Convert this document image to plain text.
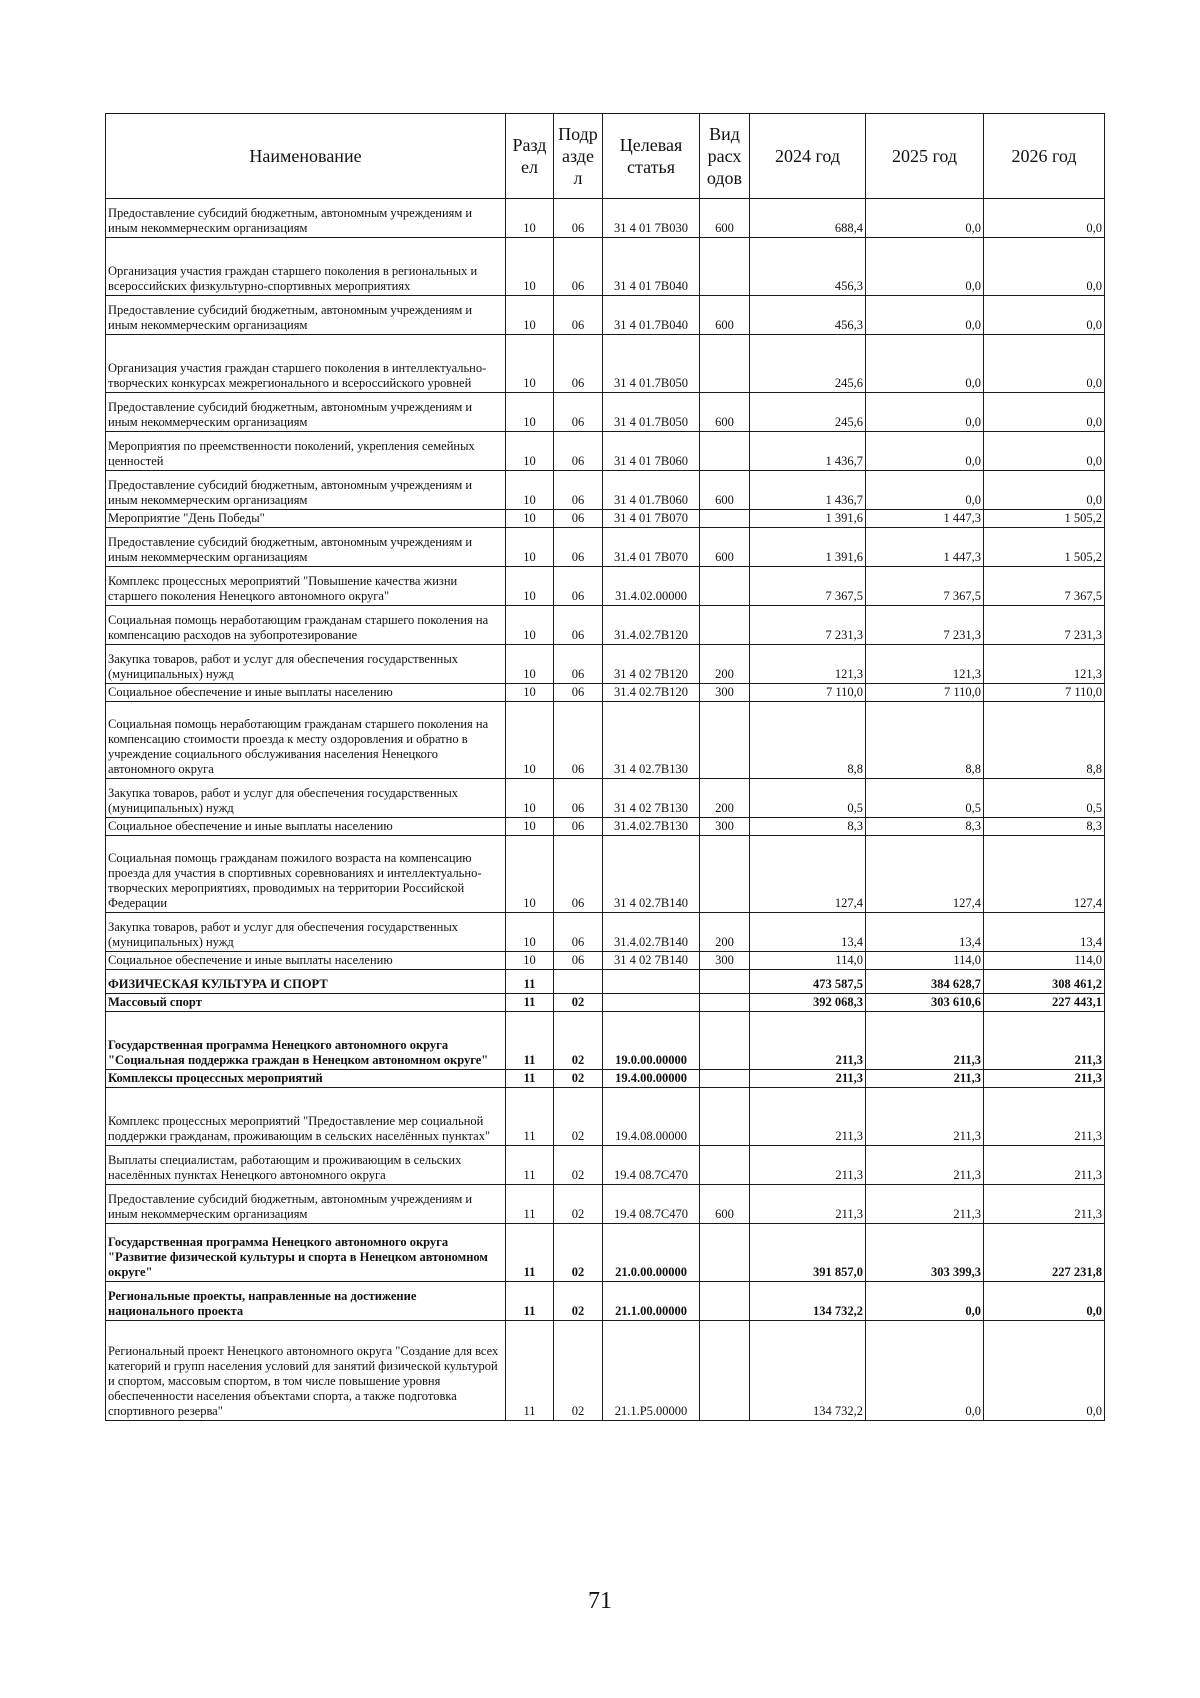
Наименование	Разд ел	Подр азде л	Целевая статья	Вид расх одов	2024 год	2025 год	2026 год
Предоставление субсидий бюджетным, автономным учреждениям и иным некоммерческим организациям	10	06	31 4 01 7В030	600	688,4	0,0	0,0
Организация участия граждан старшего поколения в региональных и всероссийских физкультурно-спортивных мероприятиях	10	06	31 4 01 7В040		456,3	0,0	0,0
Предоставление субсидий бюджетным, автономным учреждениям и иным некоммерческим организациям	10	06	31 4 01.7В040	600	456,3	0,0	0,0
Организация участия граждан старшего поколения в интеллектуально-творческих конкурсах межрегионального и всероссийского уровней	10	06	31 4 01.7В050		245,6	0,0	0,0
Предоставление субсидий бюджетным, автономным учреждениям и иным некоммерческим организациям	10	06	31 4 01.7В050	600	245,6	0,0	0,0
Мероприятия по преемственности поколений, укрепления семейных ценностей	10	06	31 4 01 7В060		1 436,7	0,0	0,0
Предоставление субсидий бюджетным, автономным учреждениям и иным некоммерческим организациям	10	06	31 4 01.7В060	600	1 436,7	0,0	0,0
Мероприятие "День Победы"	10	06	31 4 01 7В070		1 391,6	1 447,3	1 505,2
Предоставление субсидий бюджетным, автономным учреждениям и иным некоммерческим организациям	10	06	31.4 01 7В070	600	1 391,6	1 447,3	1 505,2
Комплекс процессных мероприятий "Повышение качества жизни старшего поколения Ненецкого автономного округа"	10	06	31.4.02.00000		7 367,5	7 367,5	7 367,5
Социальная помощь неработающим гражданам старшего поколения на компенсацию расходов на зубопротезирование	10	06	31.4.02.7В120		7 231,3	7 231,3	7 231,3
Закупка товаров, работ и услуг для обеспечения государственных (муниципальных) нужд	10	06	31 4 02 7В120	200	121,3	121,3	121,3
Социальное обеспечение и иные выплаты населению	10	06	31.4 02.7В120	300	7 110,0	7 110,0	7 110,0
Социальная помощь неработающим гражданам старшего поколения на компенсацию стоимости проезда к месту оздоровления и обратно в учреждение социального обслуживания населения Ненецкого автономного округа	10	06	31 4 02.7В130		8,8	8,8	8,8
Закупка товаров, работ и услуг для обеспечения государственных (муниципальных) нужд	10	06	31 4 02 7В130	200	0,5	0,5	0,5
Социальное обеспечение и иные выплаты населению	10	06	31.4.02.7В130	300	8,3	8,3	8,3
Социальная помощь гражданам пожилого возраста на компенсацию проезда для участия в спортивных соревнованиях и интеллектуально-творческих мероприятиях, проводимых на территории Российской Федерации	10	06	31 4 02.7В140		127,4	127,4	127,4
Закупка товаров, работ и услуг для обеспечения государственных (муниципальных) нужд	10	06	31.4.02.7В140	200	13,4	13,4	13,4
Социальное обеспечение и иные выплаты населению	10	06	31 4 02 7В140	300	114,0	114,0	114,0
ФИЗИЧЕСКАЯ КУЛЬТУРА И СПОРТ	11				473 587,5	384 628,7	308 461,2
Массовый спорт	11	02			392 068,3	303 610,6	227 443,1
Государственная программа Ненецкого автономного округа "Социальная поддержка граждан в Ненецком автономном округе"	11	02	19.0.00.00000		211,3	211,3	211,3
Комплексы процессных мероприятий	11	02	19.4.00.00000		211,3	211,3	211,3
Комплекс процессных мероприятий "Предоставление мер социальной поддержки гражданам, проживающим в сельских населённых пунктах"	11	02	19.4.08.00000		211,3	211,3	211,3
Выплаты специалистам, работающим и проживающим в сельских населённых пунктах Ненецкого автономного округа	11	02	19.4 08.7С470		211,3	211,3	211,3
Предоставление субсидий бюджетным, автономным учреждениям и иным некоммерческим организациям	11	02	19.4 08.7С470	600	211,3	211,3	211,3
Государственная программа Ненецкого автономного округа "Развитие физической культуры и спорта в Ненецком автономном округе"	11	02	21.0.00.00000		391 857,0	303 399,3	227 231,8
Региональные проекты, направленные на достижение национального проекта	11	02	21.1.00.00000		134 732,2	0,0	0,0
Региональный проект Ненецкого автономного округа "Создание для всех категорий и групп населения условий для занятий физической культурой и спортом, массовым спортом, в том числе повышение уровня обеспеченности населения объектами спорта, а также подготовка спортивного резерва"	11	02	21.1.P5.00000		134 732,2	0,0	0,0
71
